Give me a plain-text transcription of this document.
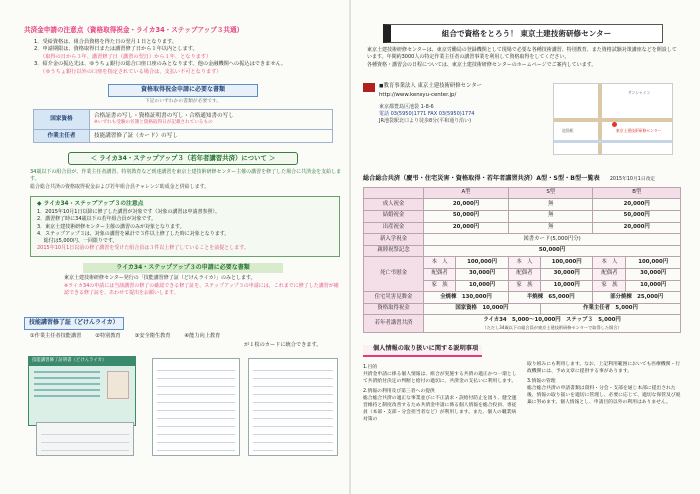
共済金申請の注意点（資格取得祝金・ライカ34・ステップアップ３共通）
1．受給資格は、組合員資格を得た日の翌月１日となります。
2．申請期限は、資格取得日または講習修了日から１年以内とします。
（取得の日から３年、講習修了日（講習の翌日）から１年、となります）
3．紹介金の振込先は、ゆうちょ銀行の総合口座口座のみとなります。他の金融機関への振込はできません。
（ゆうちょ銀行以外の口座を指定されている場合は、支払い不可となります）
資格取得祝金申請に必要な書類
下記のいずれかの書類が必要です。
国家資格	合格証書の写し・資格証明書の写し・合格通知書の写し
※いずれも受験の名簿と資格取得日が記載されているもの

作業主任者	技能講習修了証（カード）の写し
＜ ライカ34・ステップアップ３（若年者講習共済）について ＞
34歳以下の組合員が、作業主任者講習、特別教育など到達講習を東京土建技術研修センター主催の講習を修了した場合に共済金を支給します。
総合総合共済の資格取得祝金および若年組合員チャレンジ助成金と併給します。
◆ ライカ34・ステップアップ３の注意点
1．2015年10月1日以降に修了した講習が対象です（対象の講習は申請書参照）。
2．講習修了時に34歳以下の若年組合員が対象です。
3．東京土建技術研修センター主催の講習のみが対象となります。
4．ステップアップ３は、対象の講習を累計で３件以上修了した時に対象となります。
　 総付は5,000円、一回限りです。
2015年10月1日以前の修了講習を受けた組合員は３件以上修了していることを前提とします。
ライカ34・ステップアップ３の申請に必要な書類
東京土建技術研修センター発行の「技能講習修了証（どけんライカ）」のみとします。
※ライカ34の申請には当該講習の修了の確認できる修了証を、ステップアップ３の申請には、これまでに修了した講習が確認できる修了証を、あわせて提出をお願いします。
技能講習修了証（どけんライカ）
①作業主任者技能講習	②特別教育	③安全衛生教育	④能力向上教育
が１枚のカードに統合できます。
技能講習修了証明書（どけんライカ）
組合で資格をとろう！ 東京土建技術研修センター
東京土建技術研修センターは、東京労働局の登録機関として現場で必要な各種技術講習、特別教育、また資格試験対策講座などを開設しています。年間約3000人の特定作業主任者の講習事業を利用して資格取得をしてください。
各種資格・講習会の日程については、東京土建技術研修センターのホームページでご案内しています。
◼教育事業法人 東京土建技術研修センター
http://www.kensyu-center.jp/
東京都豊島区池袋 1-8-6
電話 03(5950)1771 FAX 03(5950)1774
JR池袋駅北口より徒歩8分(平和通り沿い)
サンシャイン
池袋駅	東京土建技術研修センター
総合総合共済（慶弔・住宅災害・資格取得・若年者講習共済）A型・S型・B型一覧表 2015年10月1日改定
	A型		S型		B型	
成人祝金	20,000円		無		20,000円	
結婚祝金	50,000円		無		50,000円	
出産祝金	20,000円		無		20,000円	
新入学祝金	図書カード(5,000円分)					
親睦祝祭記念	50,000円					
死亡弔慰金	本　人	100,000円	本　人	100,000円	本　人	100,000円
	配偶者	30,000円	配偶者	30,000円	配偶者	30,000円
	家　族	10,000円	家　族	10,000円	家　族	10,000円
住宅災害見舞金	全焼棟　130,000円		半焼棟　65,000円		部分焼棟　25,000円	
資格取得祝金	国家資格　10,000円			作業主任者　5,000円		
若年者講習共済	ライカ34　5,000〜10,000円　ステップ３　5,000円
（ただし34歳以下の組合員が東京土建技術研修センターで取得した場合）					
個人情報の取り扱いに関する説明事項
1.目的
共済金申請に係る個人情報は、組合が実施する共済の適正かつ一環として共済給付決定の判断と給付の適切に、共済金の支払いに利用します。
2.情報の利用及び第三者への提供
総合総合共済の適正な事業並びに不正請求・誤給付防止を図り、健全運営維持と制度改善するため共済金申請に係る個人情報を総合役員、専従員（本部・支部・分会担当者など）が利用します。また、個人の職業病対策の
取り組みにも利用します。なお、上記利用範囲においても医療機関・行政機関には、予め文章に提供する事があります。
3.情報の管理
総合総合共済の申請書類は資料・分会・支部を通じ本部に提出された後、情報の取り扱いを適切に管理し、必要に応じて、適切な保管及び廃棄に努めます。個人情報とし、申請目的以外の利用はありません。
